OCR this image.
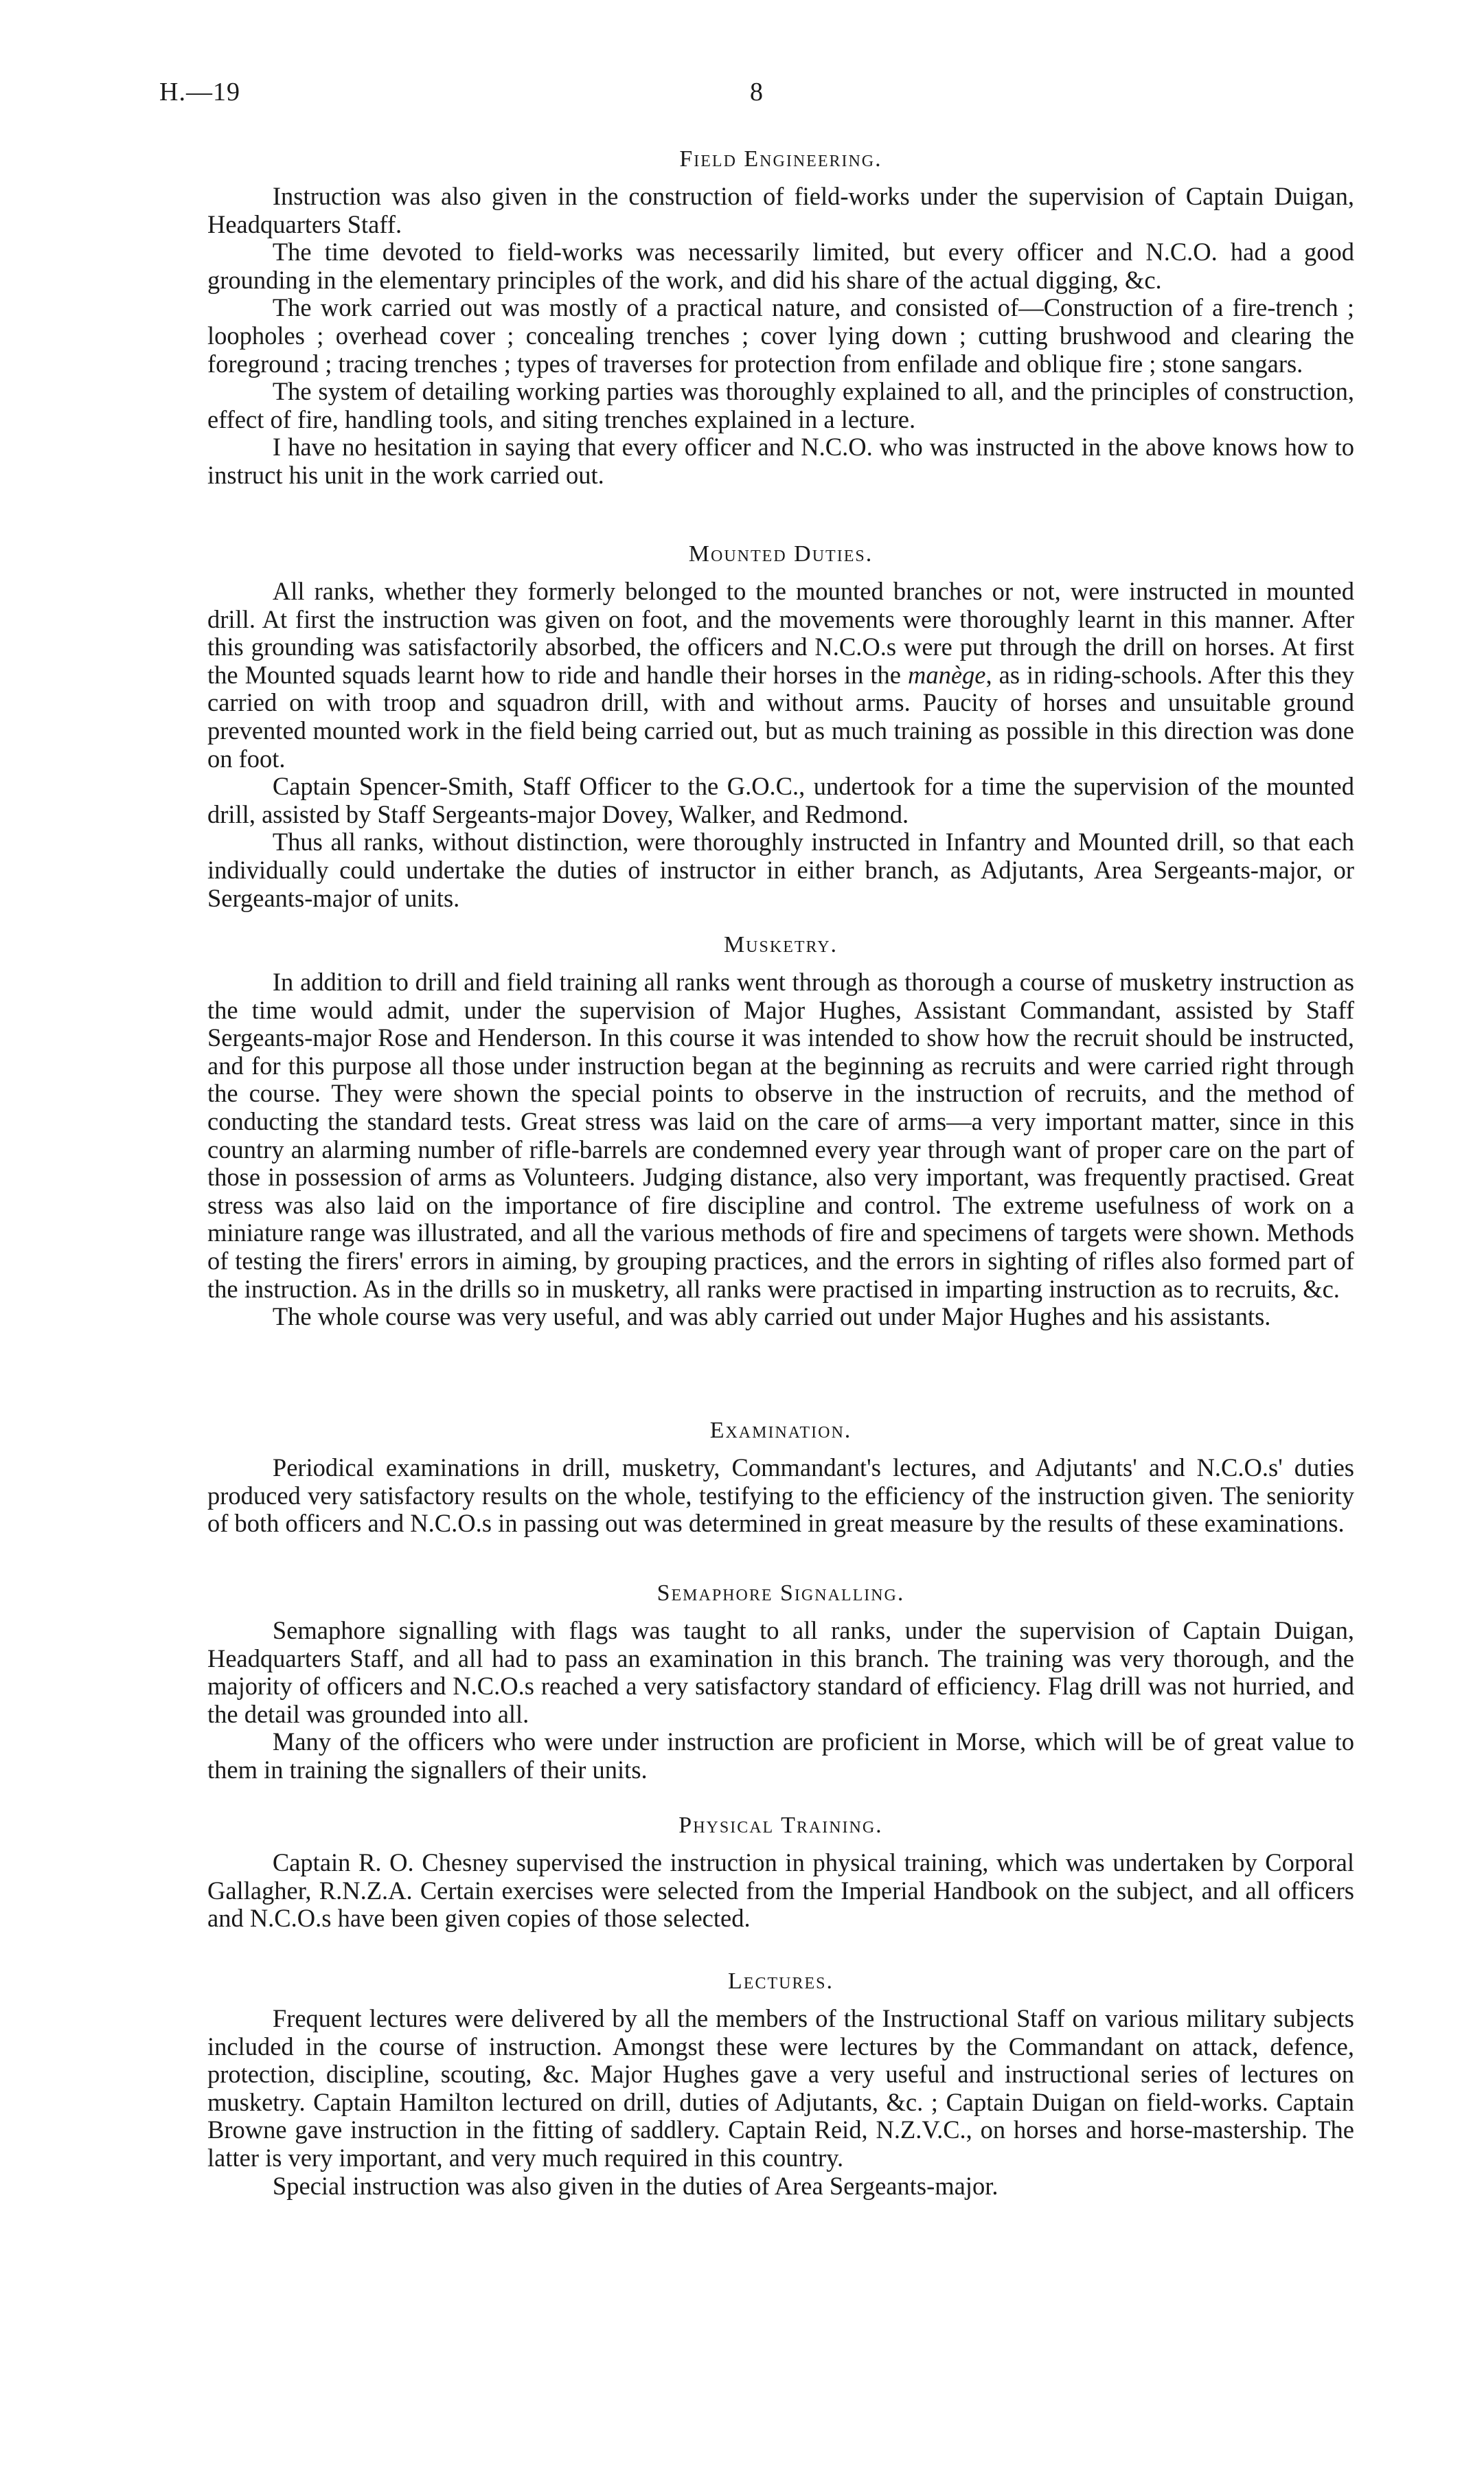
H.—19	8
Field Engineering.

Instruction was also given in the construction of field-works under the supervision of Captain Duigan, Headquarters Staff.

The time devoted to field-works was necessarily limited, but every officer and N.C.O. had a good grounding in the elementary principles of the work, and did his share of the actual digging, &c.

The work carried out was mostly of a practical nature, and consisted of—Construction of a fire-trench ; loopholes ; overhead cover ; concealing trenches ; cover lying down ; cutting brushwood and clearing the foreground ; tracing trenches ; types of traverses for protection from enfilade and oblique fire ; stone sangars.

The system of detailing working parties was thoroughly explained to all, and the principles of construction, effect of fire, handling tools, and siting trenches explained in a lecture.

I have no hesitation in saying that every officer and N.C.O. who was instructed in the above knows how to instruct his unit in the work carried out.

Mounted Duties.

All ranks, whether they formerly belonged to the mounted branches or not, were instructed in mounted drill. At first the instruction was given on foot, and the movements were thoroughly learnt in this manner. After this grounding was satisfactorily absorbed, the officers and N.C.O.s were put through the drill on horses. At first the Mounted squads learnt how to ride and handle their horses in the manège, as in riding-schools. After this they carried on with troop and squadron drill, with and without arms. Paucity of horses and unsuitable ground prevented mounted work in the field being carried out, but as much training as possible in this direction was done on foot.

Captain Spencer-Smith, Staff Officer to the G.O.C., undertook for a time the supervision of the mounted drill, assisted by Staff Sergeants-major Dovey, Walker, and Redmond.

Thus all ranks, without distinction, were thoroughly instructed in Infantry and Mounted drill, so that each individually could undertake the duties of instructor in either branch, as Adjutants, Area Sergeants-major, or Sergeants-major of units.

Musketry.

In addition to drill and field training all ranks went through as thorough a course of musketry instruction as the time would admit, under the supervision of Major Hughes, Assistant Commandant, assisted by Staff Sergeants-major Rose and Henderson. In this course it was intended to show how the recruit should be instructed, and for this purpose all those under instruction began at the beginning as recruits and were carried right through the course. They were shown the special points to observe in the instruction of recruits, and the method of conducting the standard tests. Great stress was laid on the care of arms—a very important matter, since in this country an alarming number of rifle-barrels are condemned every year through want of proper care on the part of those in possession of arms as Volunteers. Judging distance, also very important, was frequently practised. Great stress was also laid on the importance of fire discipline and control. The extreme usefulness of work on a miniature range was illustrated, and all the various methods of fire and specimens of targets were shown. Methods of testing the firers' errors in aiming, by grouping practices, and the errors in sighting of rifles also formed part of the instruction. As in the drills so in musketry, all ranks were practised in imparting instruction as to recruits, &c.

The whole course was very useful, and was ably carried out under Major Hughes and his assistants.

Examination.

Periodical examinations in drill, musketry, Commandant's lectures, and Adjutants' and N.C.O.s' duties produced very satisfactory results on the whole, testifying to the efficiency of the instruction given. The seniority of both officers and N.C.O.s in passing out was determined in great measure by the results of these examinations.

Semaphore Signalling.

Semaphore signalling with flags was taught to all ranks, under the supervision of Captain Duigan, Headquarters Staff, and all had to pass an examination in this branch. The training was very thorough, and the majority of officers and N.C.O.s reached a very satisfactory standard of efficiency. Flag drill was not hurried, and the detail was grounded into all.

Many of the officers who were under instruction are proficient in Morse, which will be of great value to them in training the signallers of their units.

Physical Training.

Captain R. O. Chesney supervised the instruction in physical training, which was undertaken by Corporal Gallagher, R.N.Z.A. Certain exercises were selected from the Imperial Handbook on the subject, and all officers and N.C.O.s have been given copies of those selected.

Lectures.

Frequent lectures were delivered by all the members of the Instructional Staff on various military subjects included in the course of instruction. Amongst these were lectures by the Commandant on attack, defence, protection, discipline, scouting, &c. Major Hughes gave a very useful and instructional series of lectures on musketry. Captain Hamilton lectured on drill, duties of Adjutants, &c. ; Captain Duigan on field-works. Captain Browne gave instruction in the fitting of saddlery. Captain Reid, N.Z.V.C., on horses and horse-mastership. The latter is very important, and very much required in this country.

Special instruction was also given in the duties of Area Sergeants-major.
